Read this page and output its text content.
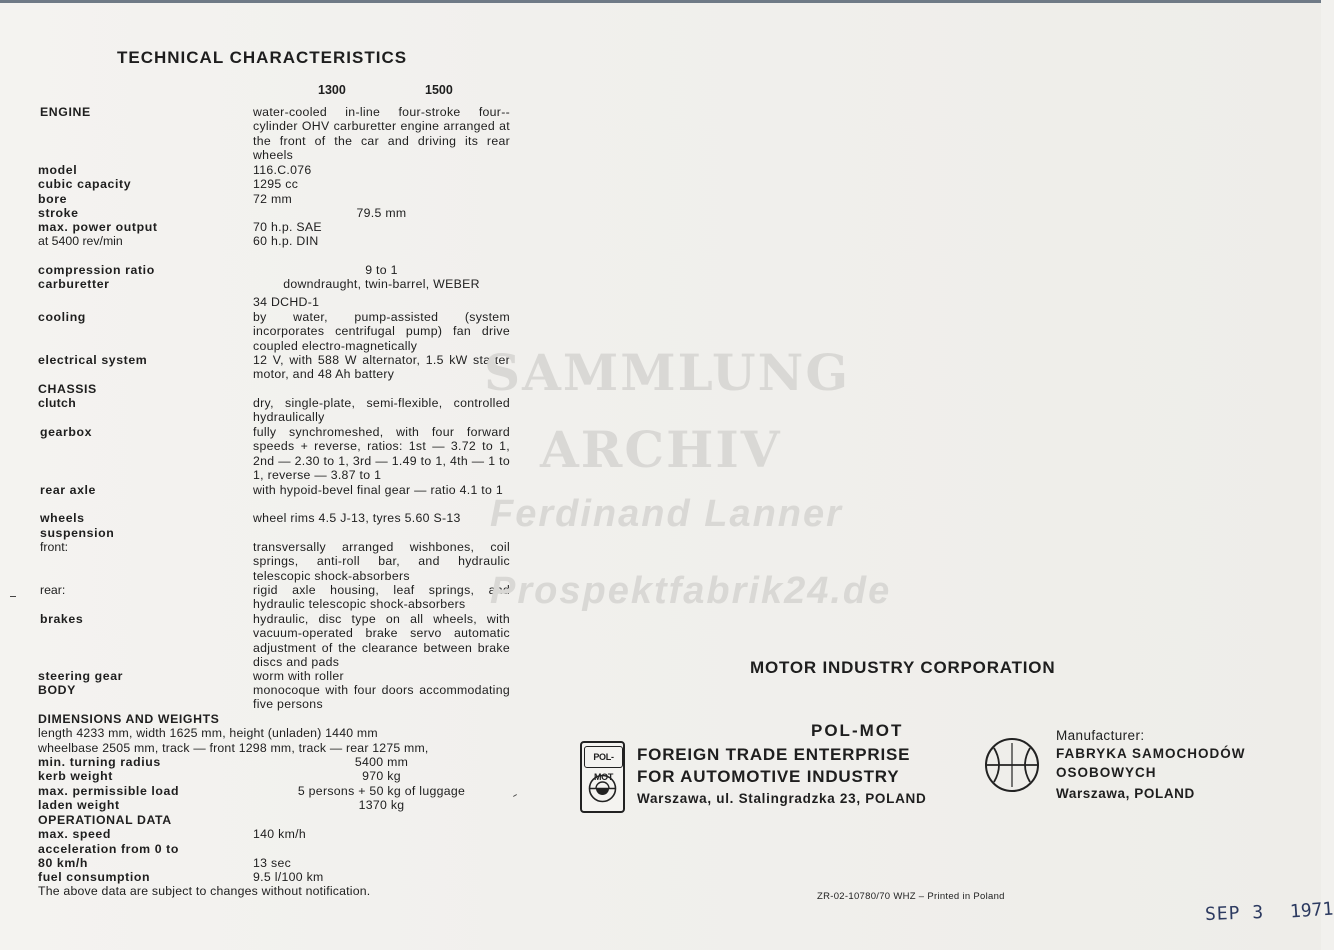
TECHNICAL CHARACTERISTICS
1300	1500
ENGINE	water-cooled in-line four-stroke four--cylinder OHV carburetter engine arranged at the front of the car and driving its rear wheels
model	116.C.076
cubic capacity	1295 cc
bore	72 mm
stroke	79.5 mm
max. power output	70 h.p. SAE
at 5400 rev/min	60 h.p. DIN
compression ratio	9 to 1
carburetter	downdraught, twin-barrel, WEBER
34 DCHD-1
cooling	by water, pump-assisted (system incorporates centrifugal pump) fan drive coupled electro-magnetically
electrical system	12 V, with 588 W alternator, 1.5 kW starter motor, and 48 Ah battery
CHASSIS
clutch	dry, single-plate, semi-flexible, controlled hydraulically
gearbox	fully synchromeshed, with four forward speeds + reverse, ratios: 1st — 3.72 to 1, 2nd — 2.30 to 1, 3rd — 1.49 to 1, 4th — 1 to 1, reverse — 3.87 to 1
rear axle	with hypoid-bevel final gear — ratio 4.1 to 1
wheels	wheel rims 4.5 J-13, tyres 5.60 S-13
suspension
front:	transversally arranged wishbones, coil springs, anti-roll bar, and hydraulic telescopic shock-absorbers
rear:	rigid axle housing, leaf springs, and hydraulic telescopic shock-absorbers
brakes	hydraulic, disc type on all wheels, with vacuum-operated brake servo automatic adjustment of the clearance between brake discs and pads
steering gear	worm with roller
BODY	monocoque with four doors accommodating five persons
DIMENSIONS AND WEIGHTS
length 4233 mm, width 1625 mm, height (unladen) 1440 mm
wheelbase 2505 mm, track — front 1298 mm, track — rear 1275 mm,
min. turning radius	5400 mm
kerb weight	970 kg
max. permissible load	5 persons + 50 kg of luggage
laden weight	1370 kg
OPERATIONAL DATA
max. speed	140 km/h
acceleration from 0 to
80 km/h	13 sec
fuel consumption	9.5 l/100 km
The above data are subject to changes without notification.
SAMMLUNG
ARCHIV
Ferdinand Lanner
Prospektfabrik24.de
MOTOR INDUSTRY CORPORATION
POL-MOT
POL-MOT
FOREIGN TRADE ENTERPRISE
FOR AUTOMOTIVE INDUSTRY
Warszawa, ul. Stalingradzka 23, POLAND
Manufacturer:
FABRYKA SAMOCHODÓW
OSOBOWYCH
Warszawa, POLAND
ZR-02-10780/70 WHZ – Printed in Poland
SEP 3 1971
